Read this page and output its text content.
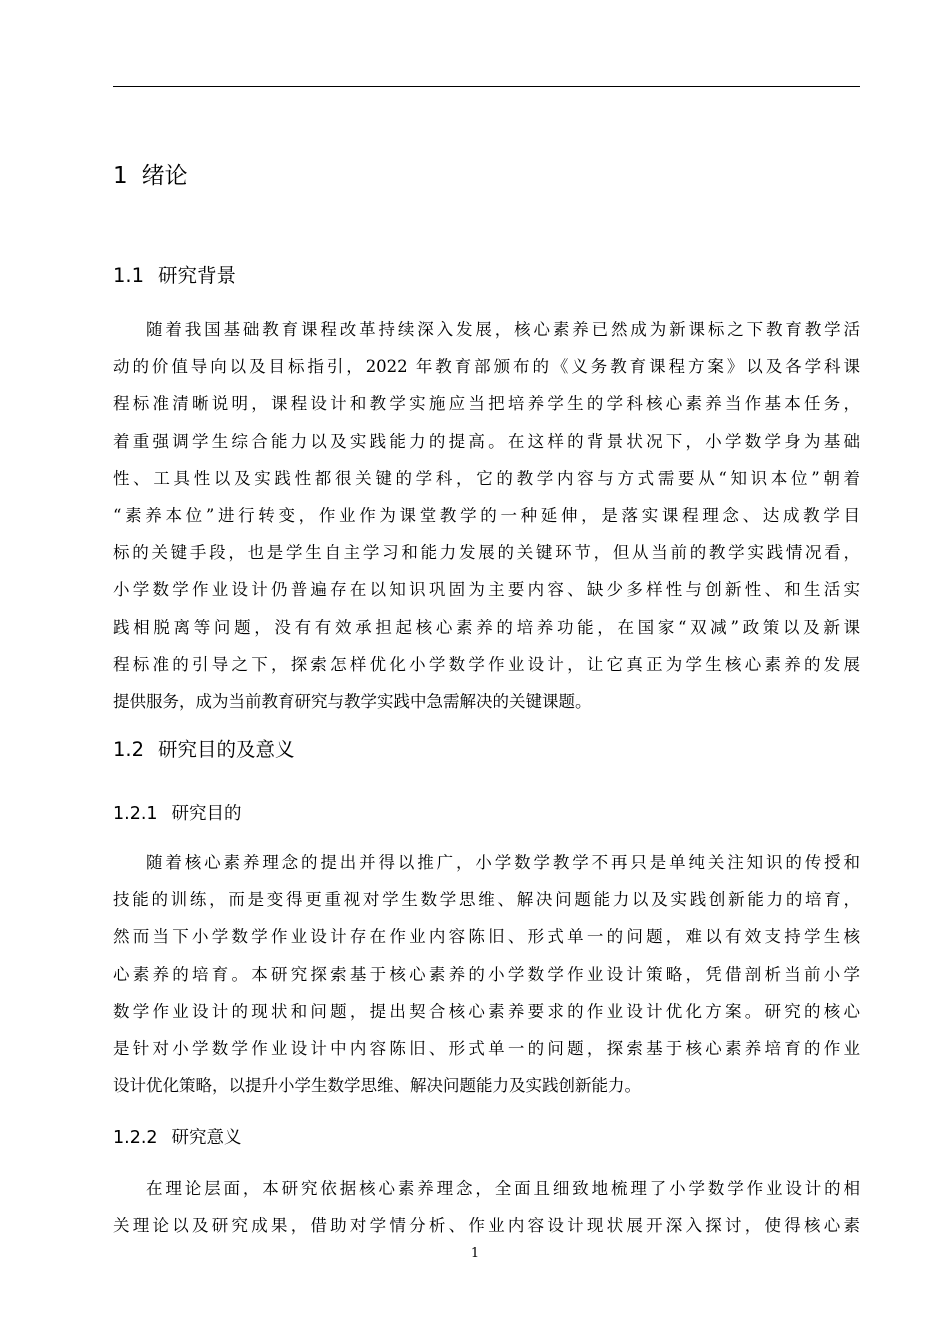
1 绪论
1.1 研究背景
随着我国基础教育课程改革持续深入发展，核心素养已然成为新课标之下教育教学活
动的价值导向以及目标指引，2022 年教育部颁布的《义务教育课程方案》以及各学科课
程标准清晰说明，课程设计和教学实施应当把培养学生的学科核心素养当作基本任务，
着重强调学生综合能力以及实践能力的提高。在这样的背景状况下，小学数学身为基础
性、工具性以及实践性都很关键的学科，它的教学内容与方式需要从“知识本位”朝着
“素养本位”进行转变，作业作为课堂教学的一种延伸，是落实课程理念、达成教学目
标的关键手段，也是学生自主学习和能力发展的关键环节，但从当前的教学实践情况看，
小学数学作业设计仍普遍存在以知识巩固为主要内容、缺少多样性与创新性、和生活实
践相脱离等问题，没有有效承担起核心素养的培养功能，在国家“双减”政策以及新课
程标准的引导之下，探索怎样优化小学数学作业设计，让它真正为学生核心素养的发展
提供服务，成为当前教育研究与教学实践中急需解决的关键课题。
1.2 研究目的及意义
1.2.1 研究目的
随着核心素养理念的提出并得以推广，小学数学教学不再只是单纯关注知识的传授和
技能的训练，而是变得更重视对学生数学思维、解决问题能力以及实践创新能力的培育，
然而当下小学数学作业设计存在作业内容陈旧、形式单一的问题，难以有效支持学生核
心素养的培育。本研究探索基于核心素养的小学数学作业设计策略，凭借剖析当前小学
数学作业设计的现状和问题，提出契合核心素养要求的作业设计优化方案。研究的核心
是针对小学数学作业设计中内容陈旧、形式单一的问题，探索基于核心素养培育的作业
设计优化策略，以提升小学生数学思维、解决问题能力及实践创新能力。
1.2.2 研究意义
在理论层面，本研究依据核心素养理念，全面且细致地梳理了小学数学作业设计的相
关理论以及研究成果，借助对学情分析、作业内容设计现状展开深入探讨，使得核心素
1
